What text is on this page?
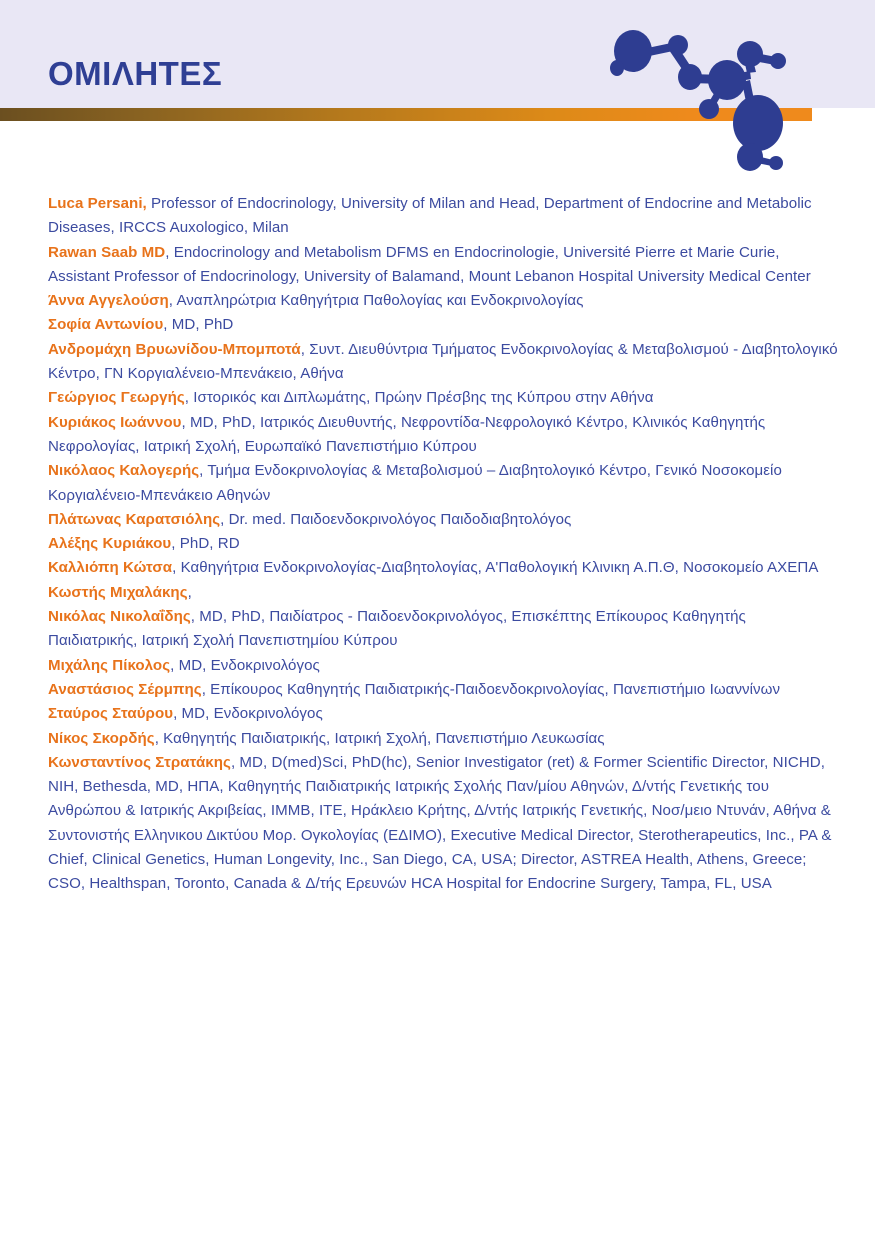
ΟΜΙΛΗΤΕΣ

Luca Persani, Professor of Endocrinology, University of Milan and Head, Department of Endocrine and Metabolic Diseases, IRCCS Auxologico, Milan

Rawan Saab MD, Endocrinology and Metabolism DFMS en Endocrinologie, Université Pierre et Marie Curie, Assistant Professor of Endocrinology, University of Balamand, Mount Lebanon Hospital University Medical Center

Άννα Αγγελούση, Αναπληρώτρια Καθηγήτρια Παθολογίας και Ενδοκρινολογίας

Σοφία Αντωνίου, MD, PhD

Ανδρομάχη Βρυωνίδου-Μπομποτά, Συντ. Διευθύντρια Τμήματος Ενδοκρινολογίας & Μεταβολισμού - Διαβητολογικό Κέντρο, ΓΝ Κοργιαλένειο-Μπενάκειο, Αθήνα

Γεώργιος Γεωργής, Ιστορικός και Διπλωμάτης, Πρώην Πρέσβης της Κύπρου στην Αθήνα

Κυριάκος Ιωάννου, MD, PhD, Ιατρικός Διευθυντής, Νεφροντίδα-Νεφρολογικό Κέντρο, Κλινικός Καθηγητής Νεφρολογίας, Ιατρική Σχολή, Ευρωπαϊκό Πανεπιστήμιο Κύπρου

Νικόλαος Καλογερής, Τμήμα Ενδοκρινολογίας & Μεταβολισμού – Διαβητολογικό Κέντρο, Γενικό Νοσοκομείο Κοργιαλένειο-Μπενάκειο Αθηνών

Πλάτωνας Καρατσιόλης, Dr. med. Παιδοενδοκρινολόγος Παιδοδιαβητολόγος

Αλέξης Κυριάκου, PhD, RD

Καλλιόπη Κώτσα, Καθηγήτρια Ενδοκρινολογίας-Διαβητολογίας, Α'Παθολογική Κλινικη Α.Π.Θ, Νοσοκομείο ΑΧΕΠΑ

Κωστής Μιχαλάκης,

Νικόλας Νικολαΐδης, MD, PhD, Παιδίατρος - Παιδοενδοκρινολόγος, Επισκέπτης Επίκουρος Καθηγητής Παιδιατρικής, Ιατρική Σχολή Πανεπιστημίου Κύπρου

Μιχάλης Πίκολος, MD, Ενδοκρινολόγος

Αναστάσιος Σέρμπης, Επίκουρος Καθηγητής Παιδιατρικής-Παιδοενδοκρινολογίας, Πανεπιστήμιο Ιωαννίνων

Σταύρος Σταύρου, MD, Ενδοκρινολόγος

Νίκος Σκορδής, Καθηγητής Παιδιατρικής, Ιατρική Σχολή, Πανεπιστήμιο Λευκωσίας

Κωνσταντίνος Στρατάκης, MD, D(med)Sci, PhD(hc), Senior Investigator (ret) & Former Scientific Director, NICHD, NIH, Bethesda, MD, ΗΠΑ, Καθηγητής Παιδιατρικής Ιατρικής Σχολής Παν/μίου Αθηνών, Δ/ντής Γενετικής του Ανθρώπου & Ιατρικής Ακριβείας, IMMB, ITE, Ηράκλειο Κρήτης, Δ/ντής Ιατρικής Γενετικής, Νοσ/μειο Ντυνάν, Αθήνα & Συντονιστής Ελληνικου Δικτύου Μορ. Ογκολογίας (ΕΔΙΜΟ), Executive Medical Director, Sterotherapeutics, Inc., PA & Chief, Clinical Genetics, Human Longevity, Inc., San Diego, CA, USA; Director, ASTREA Health, Athens, Greece; CSO, Healthspan, Toronto, Canada & Δ/τής Ερευνών HCA Hospital for Endocrine Surgery, Tampa, FL, USA
